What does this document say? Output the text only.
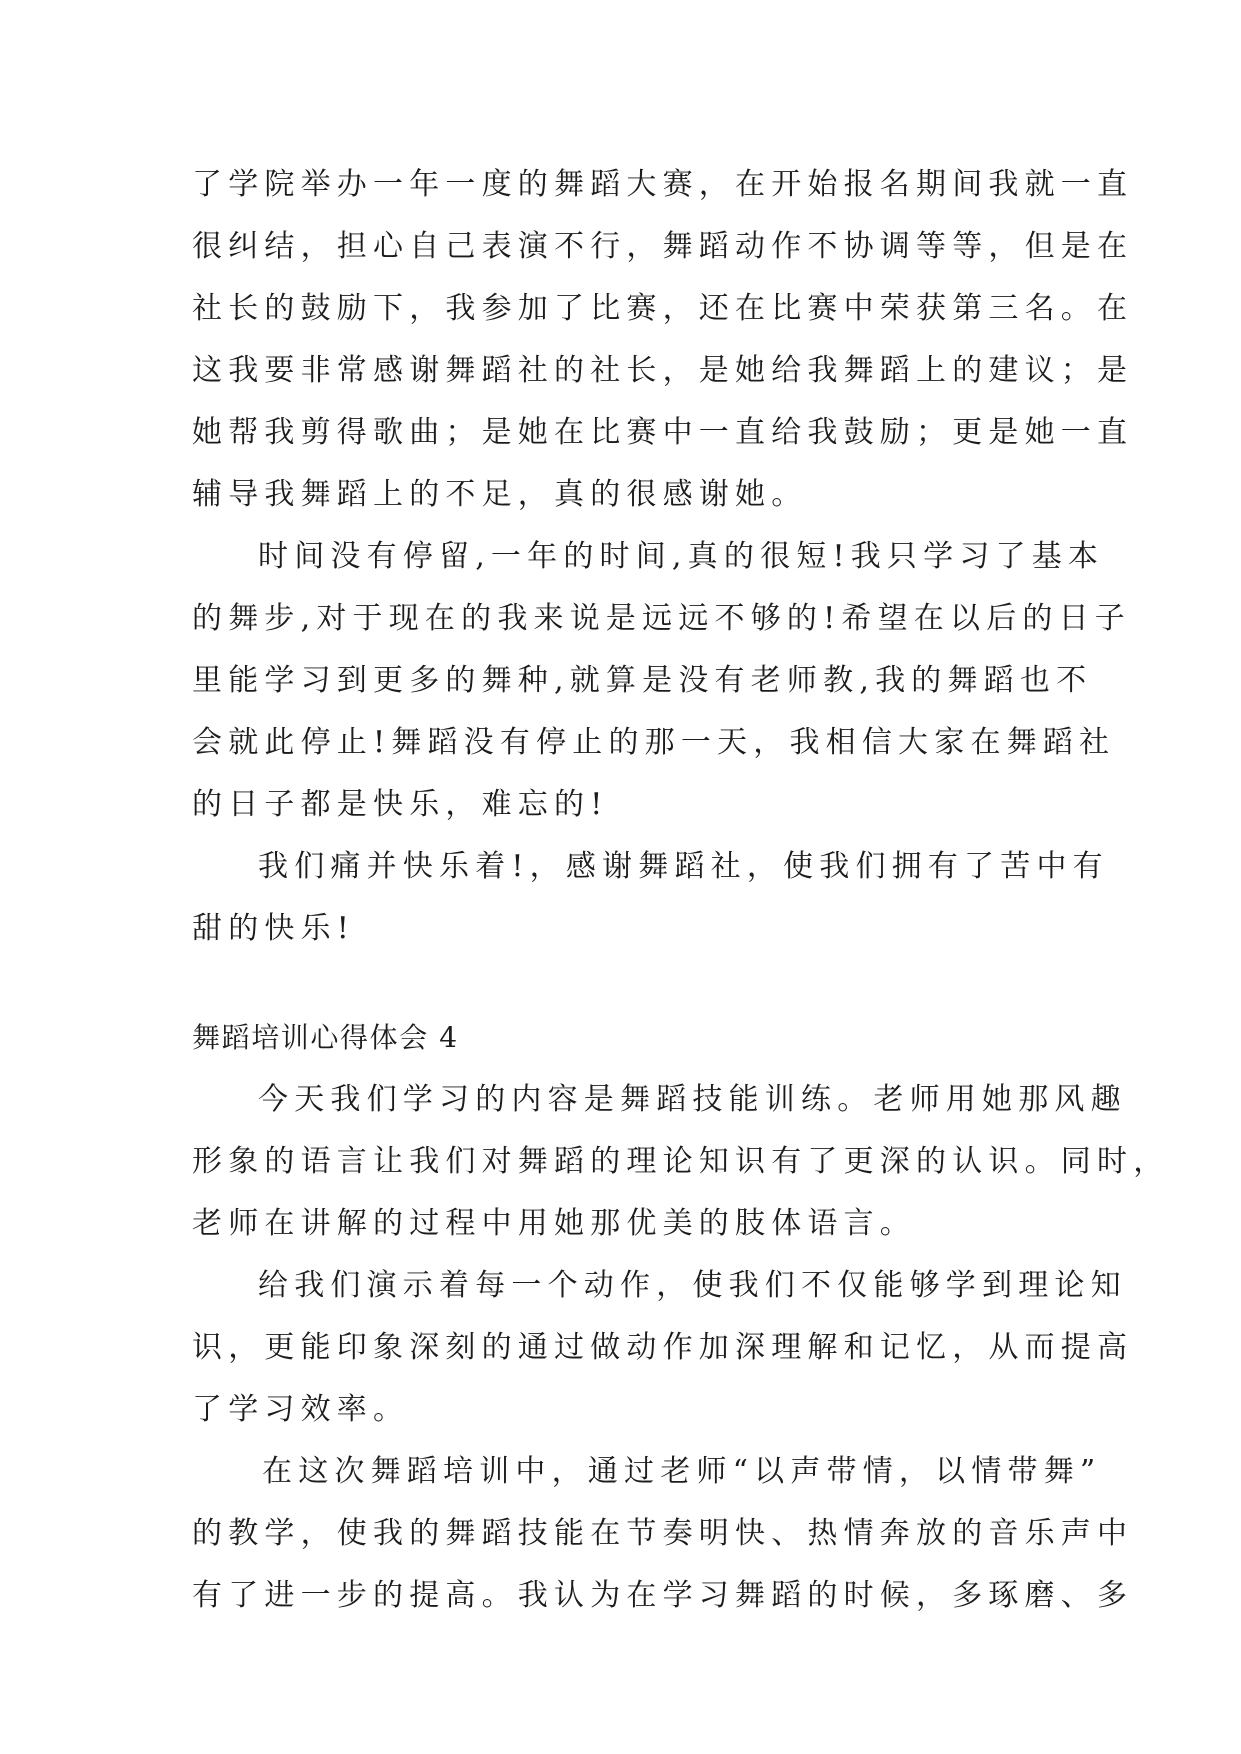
了学院举办一年一度的舞蹈大赛，在开始报名期间我就一直

很纠结，担心自己表演不行，舞蹈动作不协调等等，但是在

社长的鼓励下，我参加了比赛，还在比赛中荣获第三名。在

这我要非常感谢舞蹈社的社长，是她给我舞蹈上的建议；是

她帮我剪得歌曲；是她在比赛中一直给我鼓励；更是她一直

辅导我舞蹈上的不足，真的很感谢她。

时间没有停留,一年的时间,真的很短!我只学习了基本

的舞步,对于现在的我来说是远远不够的!希望在以后的日子

里能学习到更多的舞种,就算是没有老师教,我的舞蹈也不

会就此停止!舞蹈没有停止的那一天，我相信大家在舞蹈社

的日子都是快乐，难忘的!

我们痛并快乐着!，感谢舞蹈社，使我们拥有了苦中有

甜的快乐!

舞蹈培训心得体会 4

今天我们学习的内容是舞蹈技能训练。老师用她那风趣

形象的语言让我们对舞蹈的理论知识有了更深的认识。同时，

老师在讲解的过程中用她那优美的肢体语言。

给我们演示着每一个动作，使我们不仅能够学到理论知

识，更能印象深刻的通过做动作加深理解和记忆，从而提高

了学习效率。

在这次舞蹈培训中，通过老师“以声带情，以情带舞”

的教学，使我的舞蹈技能在节奏明快、热情奔放的音乐声中

有了进一步的提高。我认为在学习舞蹈的时候，多琢磨、多
